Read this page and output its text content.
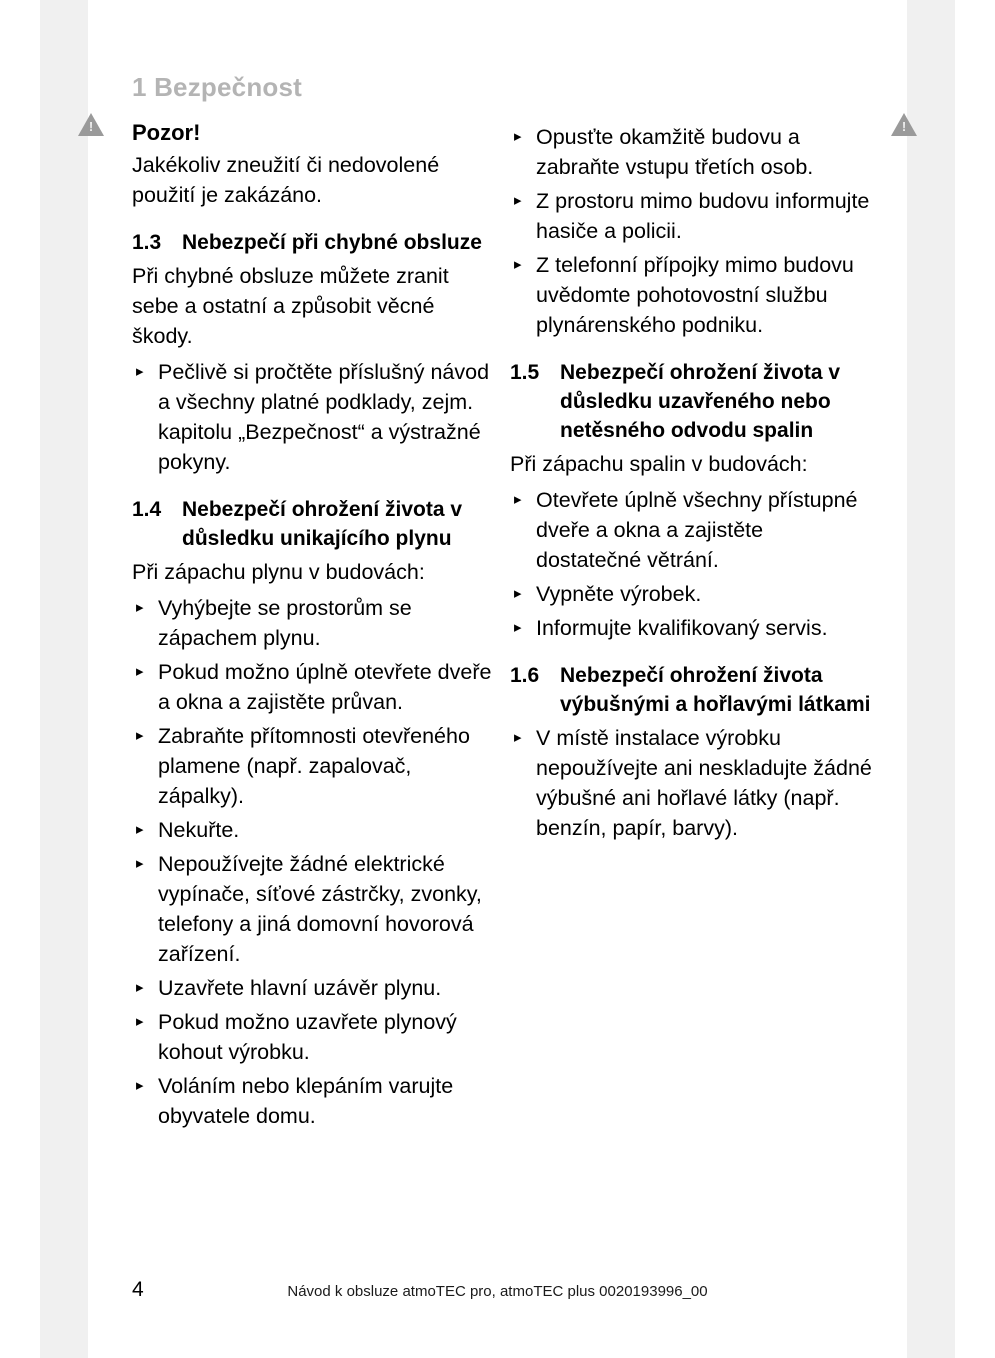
!	!
1 Bezpečnost
Pozor!

Jakékoliv zneužití či nedovolené použití je zakázáno.

1.3 Nebezpečí při chybné obsluze

Při chybné obsluze můžete zranit sebe a ostatní a způsobit věcné škody.

▸ Pečlivě si pročtěte příslušný návod a všechny platné podklady, zejm. kapitolu „Bezpečnost“ a výstražné pokyny.
1.4 Nebezpečí ohrožení života v důsledku unikajícího plynu

Při zápachu plynu v budovách:

▸ Vyhýbejte se prostorům se zápachem plynu.
▸ Pokud možno úplně otevřete dveře a okna a zajistěte průvan.
▸ Zabraňte přítomnosti otevřeného plamene (např. zapalovač, zápalky).
▸ Nekuřte.
▸ Nepoužívejte žádné elektrické vypínače, síťové zástrčky, zvonky, telefony a jiná domovní hovorová zařízení.
▸ Uzavřete hlavní uzávěr plynu.
▸ Pokud možno uzavřete plynový kohout výrobku.
▸ Voláním nebo klepáním varujte obyvatele domu.
▸ Opusťte okamžitě budovu a zabraňte vstupu třetích osob.
▸ Z prostoru mimo budovu informujte hasiče a policii.
▸ Z telefonní přípojky mimo budovu uvědomte pohotovostní službu plynárenského podniku.
1.5 Nebezpečí ohrožení života v důsledku uzavřeného nebo netěsného odvodu spalin

Při zápachu spalin v budovách:

▸ Otevřete úplně všechny přístupné dveře a okna a zajistěte dostatečné větrání.
▸ Vypněte výrobek.
▸ Informujte kvalifikovaný servis.
1.6 Nebezpečí ohrožení života výbušnými a hořlavými látkami
▸ V místě instalace výrobku nepoužívejte ani neskladujte žádné výbušné ani hořlavé látky (např. benzín, papír, barvy).
4	Návod k obsluze atmoTEC pro, atmoTEC plus 0020193996_00
